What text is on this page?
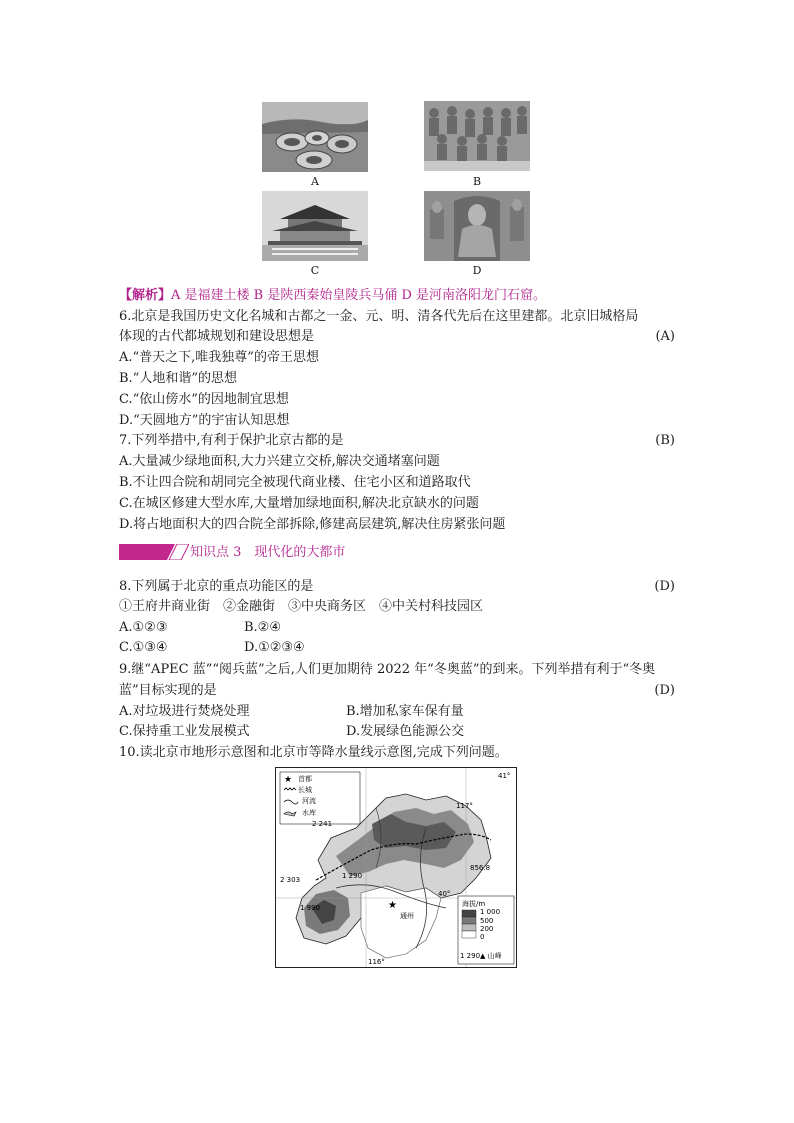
A	B
C	D
【解析】A 是福建土楼 B 是陕西秦始皇陵兵马俑 D 是河南洛阳龙门石窟。
6.北京是我国历史文化名城和古都之一金、元、明、清各代先后在这里建都。北京旧城格局
体现的古代都城规划和建设思想是	(A)
A.“普天之下,唯我独尊”的帝王思想
B.“人地和谐”的思想
C.“依山傍水”的因地制宜思想
D.“天圆地方”的宇宙认知思想
7.下列举措中,有利于保护北京古都的是	(B)
A.大量减少绿地面积,大力兴建立交桥,解决交通堵塞问题
B.不让四合院和胡同完全被现代商业楼、住宅小区和道路取代
C.在城区修建大型水库,大量增加绿地面积,解决北京缺水的问题
D.将占地面积大的四合院全部拆除,修建高层建筑,解决住房紧张问题
知识点 3　现代化的大都市
8.下列属于北京的重点功能区的是	(D)
①王府井商业街　②金融街　③中央商务区　④中关村科技园区
A.①②③	B.②④
C.①③④	D.①②③④
9.继“APEC 蓝”“阅兵蓝”之后,人们更加期待 2022 年“冬奥蓝”的到来。下列举措有利于“冬奥
蓝”目标实现的是	(D)
A.对垃圾进行焚烧处理	B.增加私家车保有量
C.保持重工业发展模式	D.发展绿色能源公交
10.读北京市地形示意图和北京市等降水量线示意图,完成下列问题。
★ 首都
长城
河流
水库
41°
117°
2 241
2 303	1 290
1 990
856.8
★
通州
40°
116°
海拔/m
1 000
500
200
0
1 290▲ 山峰
